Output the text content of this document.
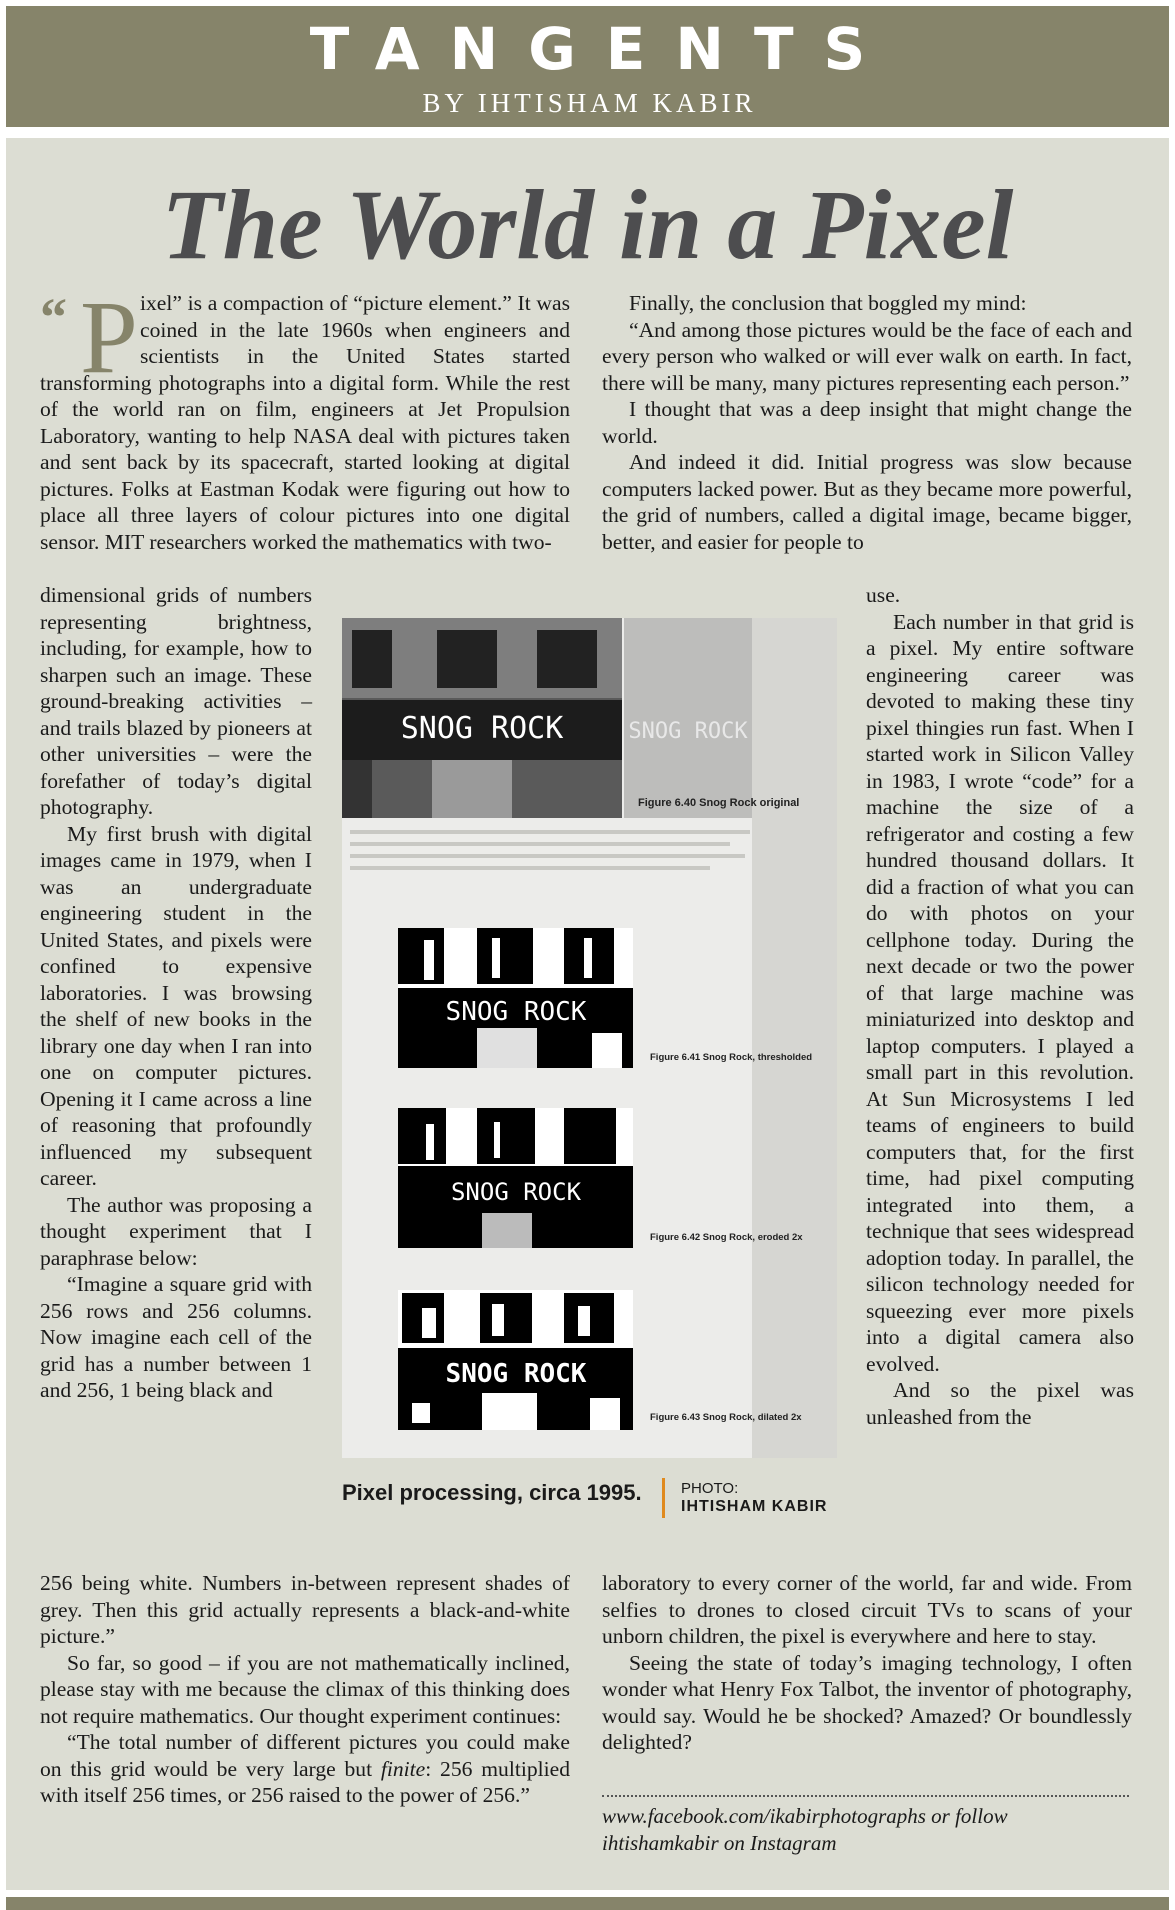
TANGENTS
BY IHTISHAM KABIR
The World in a Pixel
“ P ixel” is a compaction of “picture element.” It was coined in the late 1960s when engineers and scientists in the United States started transforming photographs into a digital form. While the rest of the world ran on film, engineers at Jet Propulsion Laboratory, wanting to help NASA deal with pictures taken and sent back by its spacecraft, started looking at digital pictures. Folks at Eastman Kodak were figuring out how to place all three layers of colour pictures into one digital sensor. MIT researchers worked the mathematics with two-

dimensional grids of numbers representing brightness, including, for example, how to sharpen such an image. These ground-breaking activities – and trails blazed by pioneers at other universities – were the forefather of today’s digital photography.

My first brush with digital images came in 1979, when I was an undergraduate engineering student in the United States, and pixels were confined to expensive laboratories. I was browsing the shelf of new books in the library one day when I ran into one on computer pictures. Opening it I came across a line of reasoning that profoundly influenced my subsequent career.

The author was proposing a thought experiment that I paraphrase below:

“Imagine a square grid with 256 rows and 256 columns. Now imagine each cell of the grid has a number between 1 and 256, 1 being black and

256 being white. Numbers in-between represent shades of grey. Then this grid actually represents a black-and-white picture.”

So far, so good – if you are not mathematically inclined, please stay with me because the climax of this thinking does not require mathematics. Our thought experiment continues:

“The total number of different pictures you could make on this grid would be very large but finite: 256 multiplied with itself 256 times, or 256 raised to the power of 256.”

Finally, the conclusion that boggled my mind:

“And among those pictures would be the face of each and every person who walked or will ever walk on earth. In fact, there will be many, many pictures representing each person.”

I thought that was a deep insight that might change the world.

And indeed it did. Initial progress was slow because computers lacked power. But as they became more powerful, the grid of numbers, called a digital image, became bigger, better, and easier for people to

use.

Each number in that grid is a pixel. My entire software engineering career was devoted to making these tiny pixel thingies run fast. When I started work in Silicon Valley in 1983, I wrote “code” for a machine the size of a refrigerator and costing a few hundred thousand dollars. It did a fraction of what you can do with photos on your cellphone today. During the next decade or two the power of that large machine was miniaturized into desktop and laptop computers. I played a small part in this revolution. At Sun Microsystems I led teams of engineers to build computers that, for the first time, had pixel computing integrated into them, a technique that sees widespread adoption today. In parallel, the silicon technology needed for squeezing ever more pixels into a digital camera also evolved.

And so the pixel was unleashed from the

laboratory to every corner of the world, far and wide. From selfies to drones to closed circuit TVs to scans of your unborn children, the pixel is everywhere and here to stay.

Seeing the state of today’s imaging technology, I often wonder what Henry Fox Talbot, the inventor of photography, would say. Would he be shocked? Amazed? Or boundlessly delighted?

SNOG ROCK	SNOG ROCK
Figure 6.40 Snog Rock original
SNOG ROCK
Figure 6.41 Snog Rock, thresholded
SNOG ROCK
Figure 6.42 Snog Rock, eroded 2x
SNOG ROCK
Figure 6.43 Snog Rock, dilated 2x
Pixel processing, circa 1995.	PHOTO:
IHTISHAM KABIR
www.facebook.com/ikabirphotographs or follow
ihtishamkabir on Instagram
